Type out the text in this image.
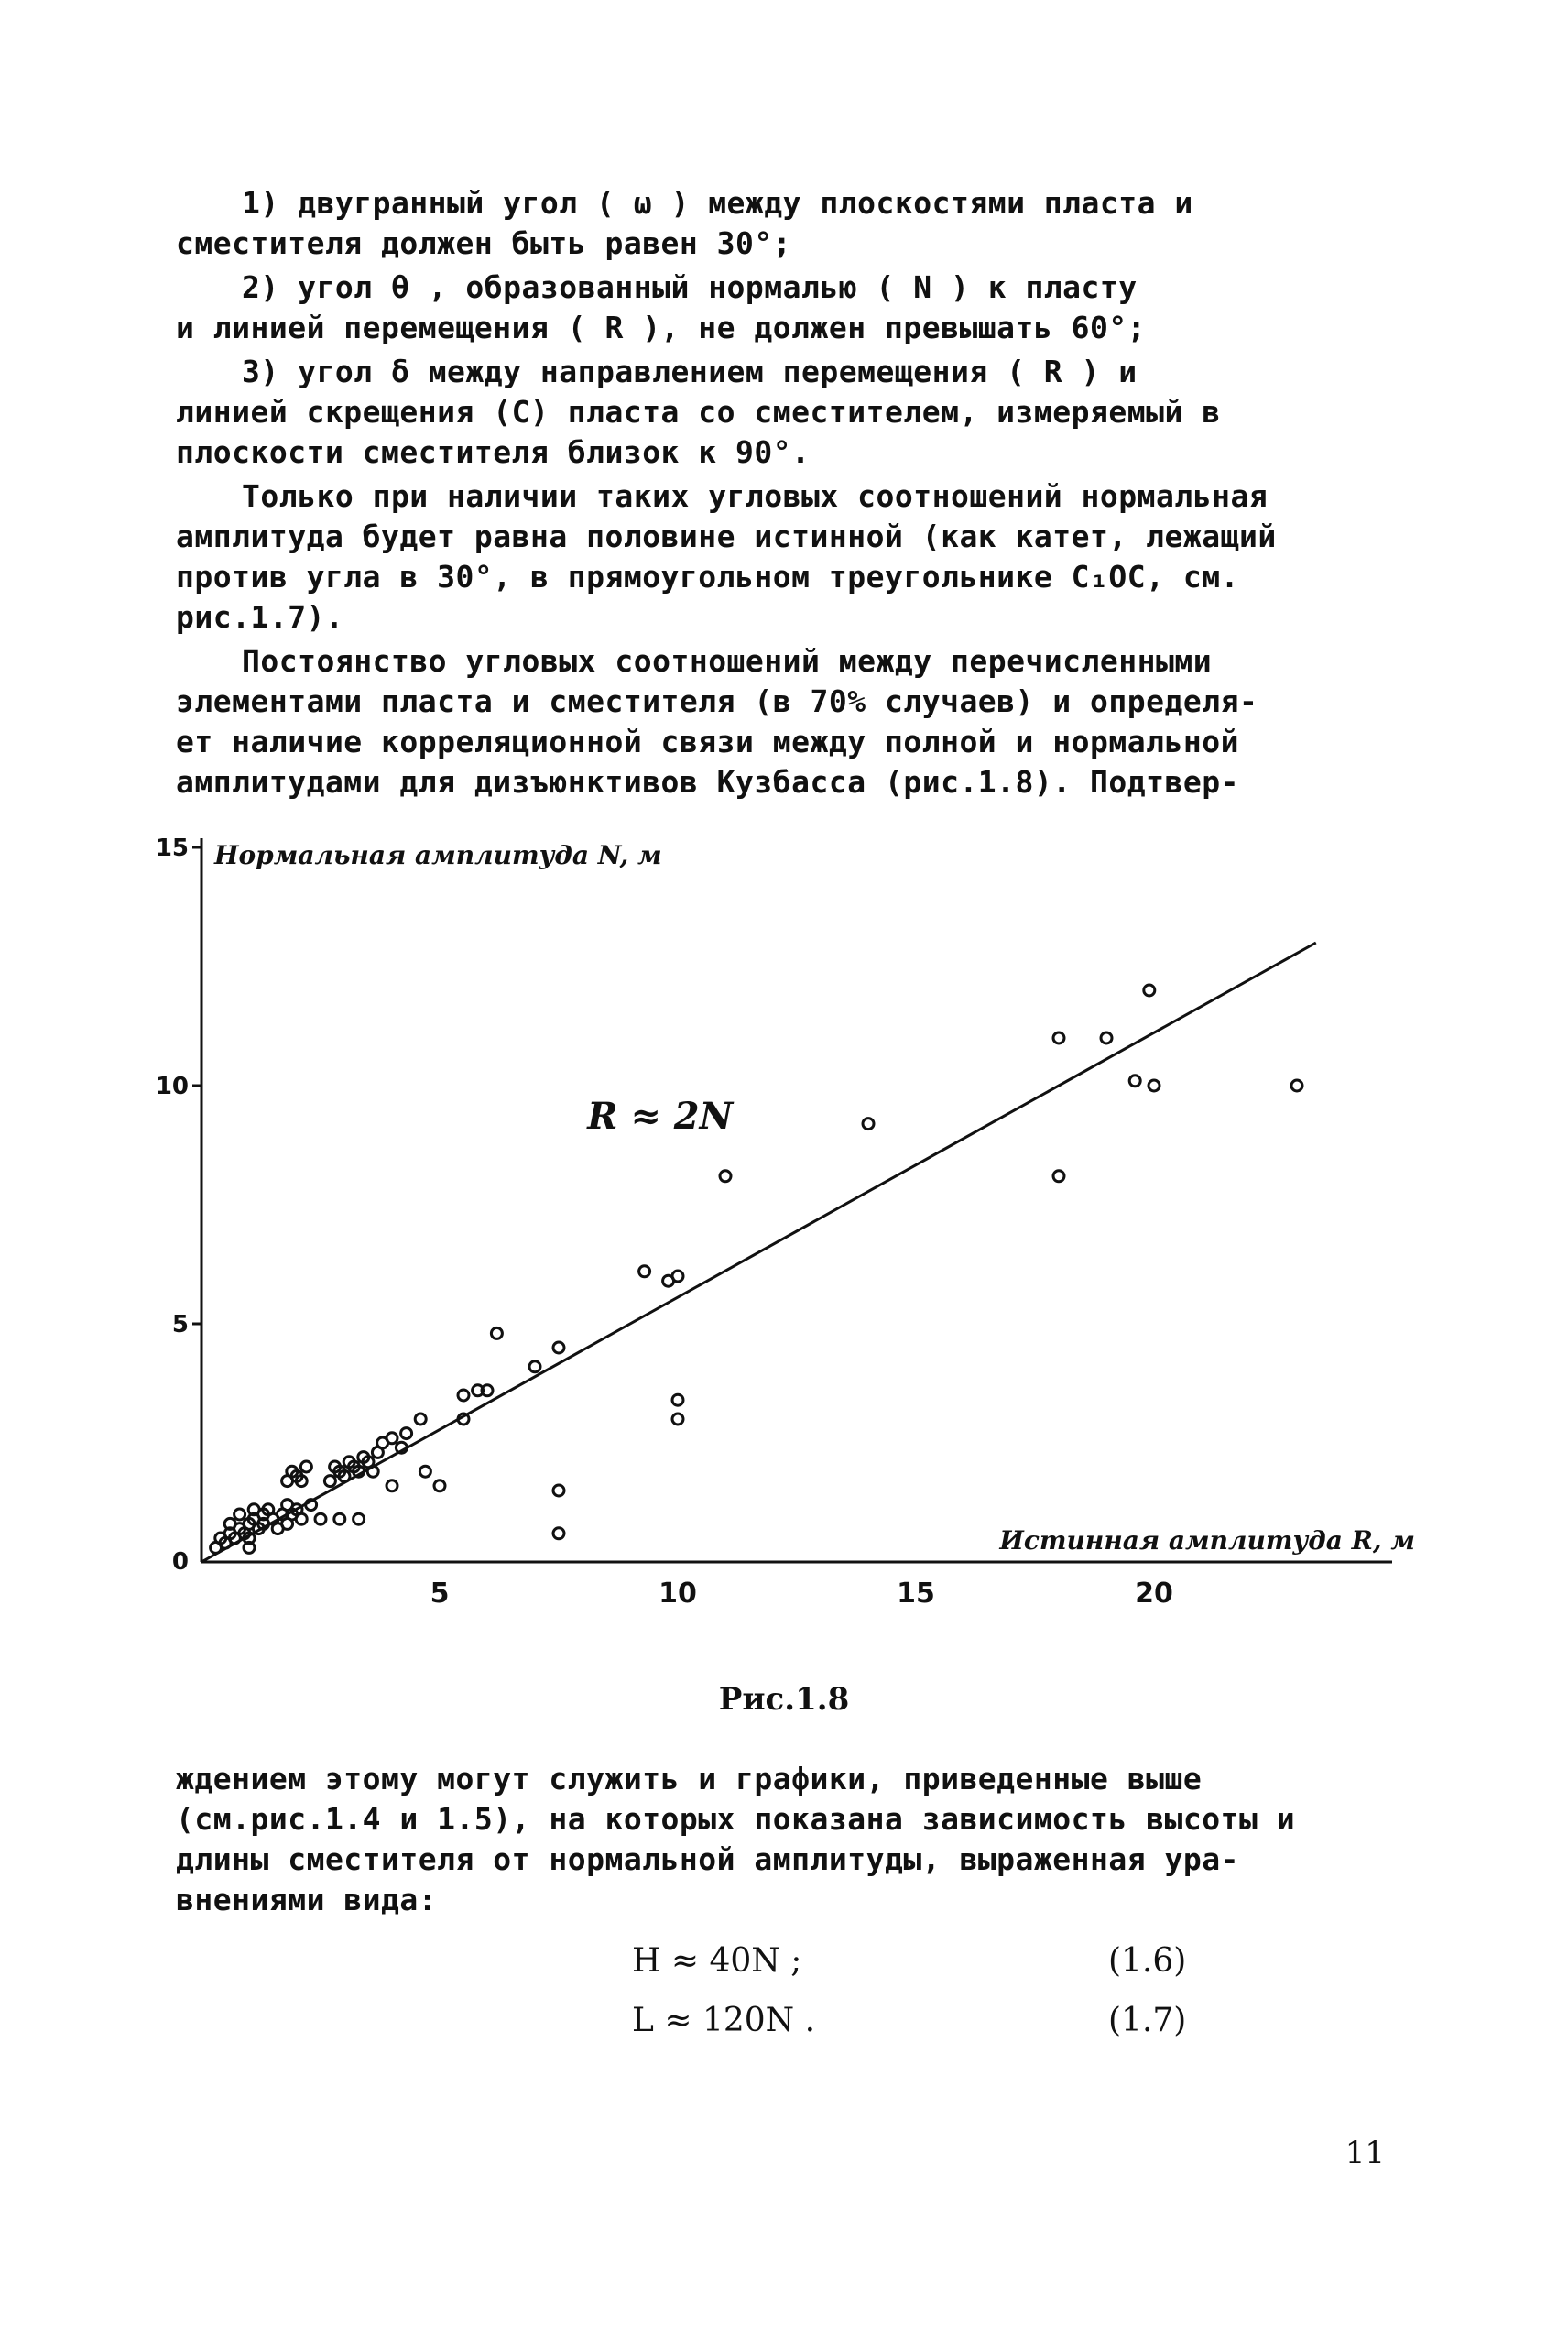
1) двугранный угол ( ω ) между плоскостями пласта и
сместителя должен быть равен 30°;

2) угол θ , образованный нормалью ( N ) к пласту
и линией перемещения ( R ), не должен превышать 60°;

3) угол δ между направлением перемещения ( R ) и
линией скрещения (С) пласта со сместителем, измеряемый в
плоскости сместителя близок к 90°.

Только при наличии таких угловых соотношений нормальная
амплитуда будет равна половине истинной (как катет, лежащий
против угла в 30°, в прямоугольном треугольнике С₁ОС, см.
рис.1.7).

Постоянство угловых соотношений между перечисленными
элементами пласта и сместителя (в 70% случаев) и определя-
ет наличие корреляционной связи между полной и нормальной
амплитудами для дизъюнктивов Кузбасса (рис.1.8). Подтвер-

5
10
15
5	10	15	20
Нормальная амплитуда N, м
Истинная амплитуда R, м
R ≈ 2N
0
Рис.1.8

ждением этому могут служить и графики, приведенные выше
(см.рис.1.4 и 1.5), на которых показана зависимость высоты и
длины сместителя от нормальной амплитуды, выраженная ура-
внениями вида:

H ≈ 40N ;	(1.6)
L ≈ 120N .	(1.7)
11
